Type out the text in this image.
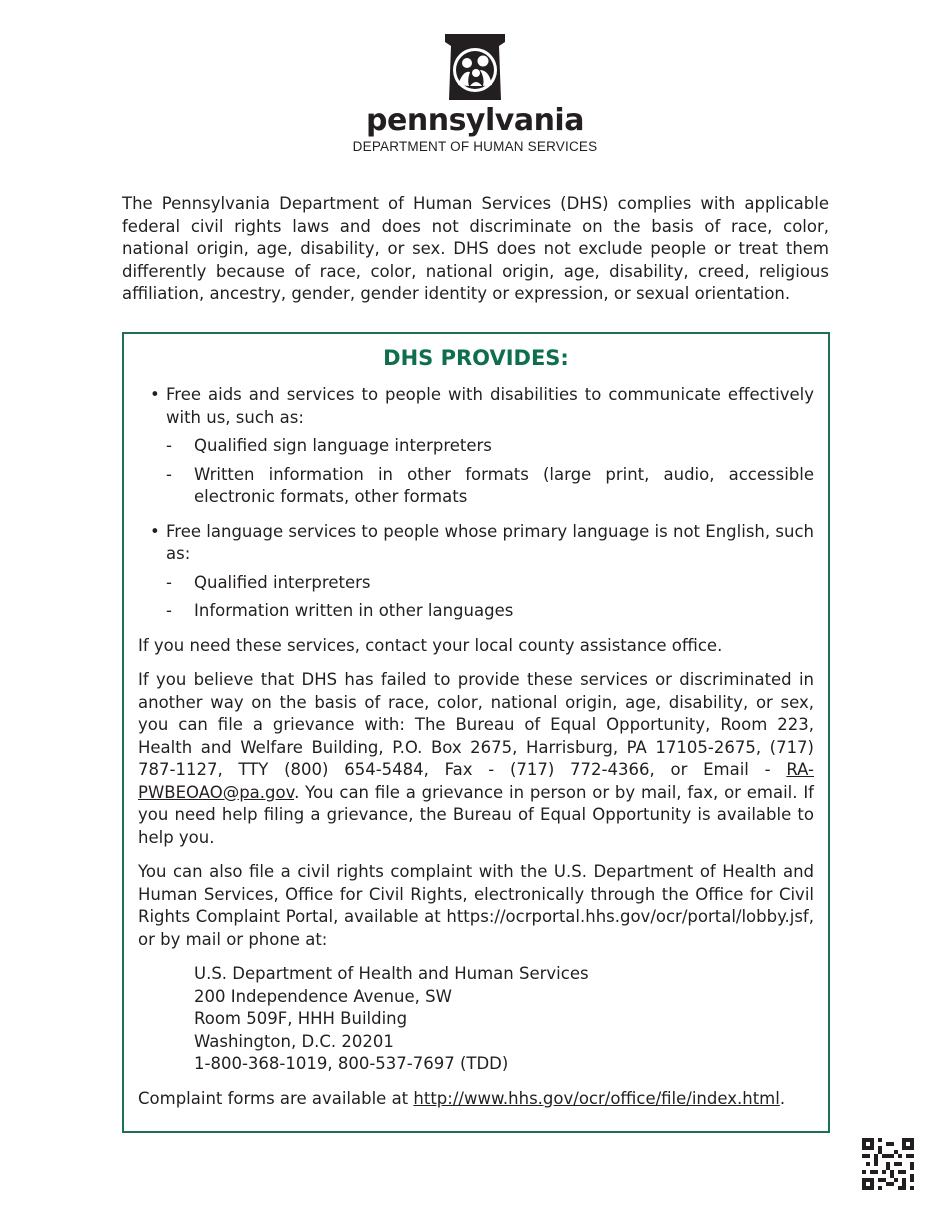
pennsylvania
DEPARTMENT OF HUMAN SERVICES

The Pennsylvania Department of Human Services (DHS) complies with applicable federal civil rights laws and does not discriminate on the basis of race, color, national origin, age, disability, or sex. DHS does not exclude people or treat them differently because of race, color, national origin, age, disability, creed, religious affiliation, ancestry, gender, gender identity or expression, or sexual orientation.

DHS PROVIDES:
• Free aids and services to people with disabilities to communicate effectively with us, such as:
- Qualified sign language interpreters
- Written information in other formats (large print, audio, accessible electronic formats, other formats
• Free language services to people whose primary language is not English, such as:
- Qualified interpreters
- Information written in other languages

If you need these services, contact your local county assistance office.

If you believe that DHS has failed to provide these services or discriminated in another way on the basis of race, color, national origin, age, disability, or sex, you can file a grievance with: The Bureau of Equal Opportunity, Room 223, Health and Welfare Building, P.O. Box 2675, Harrisburg, PA 17105-2675, (717) 787-1127, TTY (800) 654-5484, Fax - (717) 772-4366, or Email - RA-PWBEOAO@pa.gov. You can file a grievance in person or by mail, fax, or email. If you need help filing a grievance, the Bureau of Equal Opportunity is available to help you.

You can also file a civil rights complaint with the U.S. Department of Health and Human Services, Office for Civil Rights, electronically through the Office for Civil Rights Complaint Portal, available at https://ocrportal.hhs.gov/ocr/portal/lobby.jsf, or by mail or phone at:

U.S. Department of Health and Human Services
200 Independence Avenue, SW
Room 509F, HHH Building
Washington, D.C. 20201
1-800-368-1019, 800-537-7697 (TDD)

Complaint forms are available at http://www.hhs.gov/ocr/office/file/index.html.
